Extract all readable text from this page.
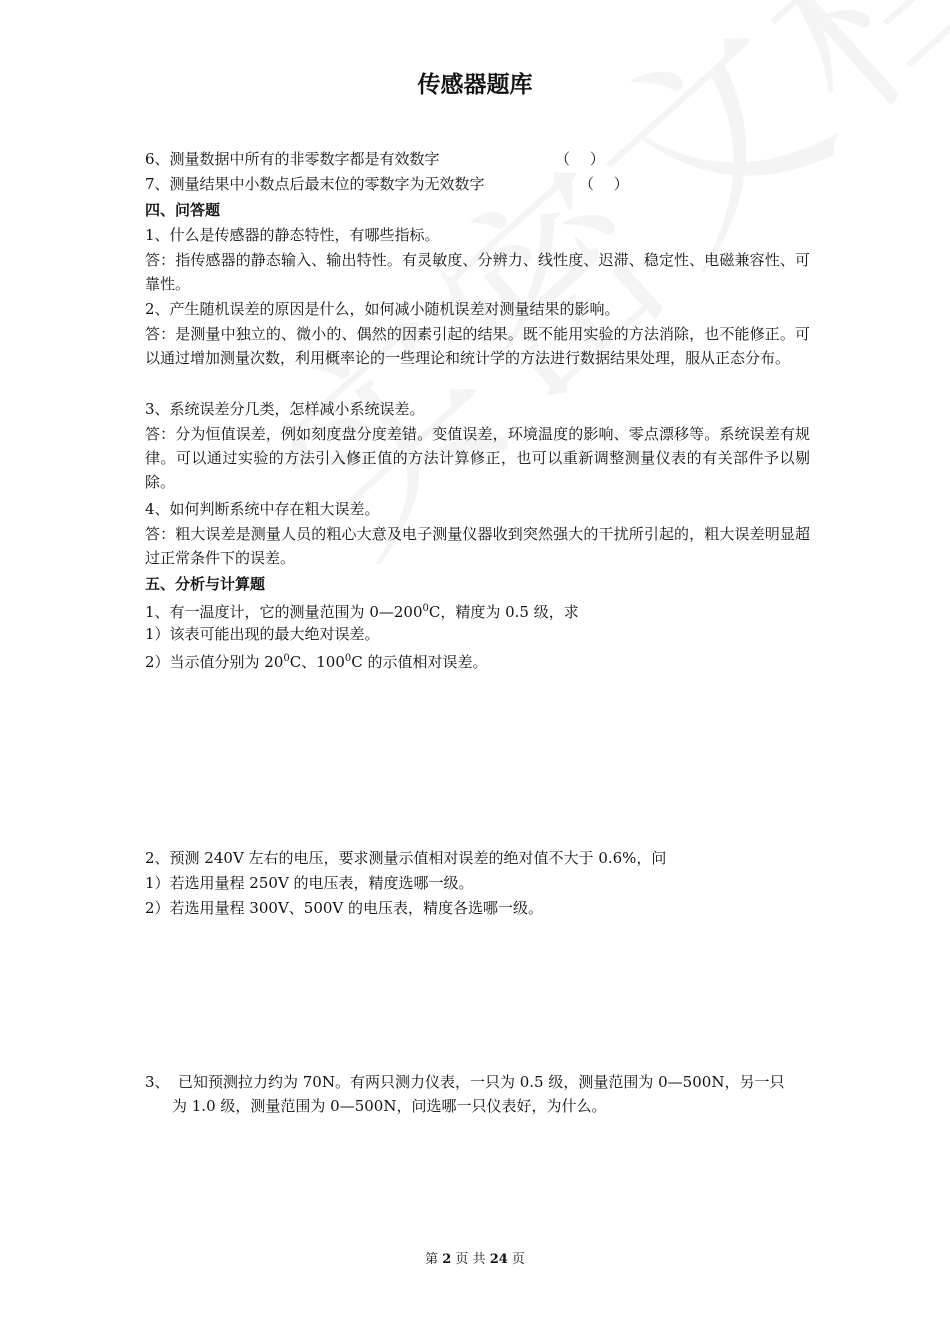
传感器题库
6、测量数据中所有的非零数字都是有效数字	（　 ）
7、测量结果中小数点后最末位的零数字为无效数字	（　 ）
四、问答题
1、什么是传感器的静态特性，有哪些指标。
答：指传感器的静态输入、输出特性。有灵敏度、分辨力、线性度、迟滞、稳定性、电磁兼容性、可靠性。
2、产生随机误差的原因是什么，如何减小随机误差对测量结果的影响。
答：是测量中独立的、微小的、偶然的因素引起的结果。既不能用实验的方法消除，也不能修正。可以通过增加测量次数，利用概率论的一些理论和统计学的方法进行数据结果处理，服从正态分布。
3、系统误差分几类，怎样减小系统误差。
答：分为恒值误差，例如刻度盘分度差错。变值误差，环境温度的影响、零点漂移等。系统误差有规律。可以通过实验的方法引入修正值的方法计算修正，也可以重新调整测量仪表的有关部件予以剔除。
4、如何判断系统中存在粗大误差。
答：粗大误差是测量人员的粗心大意及电子测量仪器收到突然强大的干扰所引起的，粗大误差明显超过正常条件下的误差。
五、分析与计算题
1、有一温度计，它的测量范围为 $0—200^0C$，精度为 0.5 级，求
1）该表可能出现的最大绝对误差。
2）当示值分别为 $20^0C$、$100^0C$ 的示值相对误差。
2、预测 240V 左右的电压，要求测量示值相对误差的绝对值不大于 0.6%，问
1）若选用量程 250V 的电压表，精度选哪一级。
2）若选用量程 300V、500V 的电压表，精度各选哪一级。
3、 已知预测拉力约为 70N。有两只测力仪表，一只为 0.5 级，测量范围为 0—500N，另一只
为 1.0 级，测量范围为 0—500N，问选哪一只仪表好，为什么。
第 2 页 共 24 页
